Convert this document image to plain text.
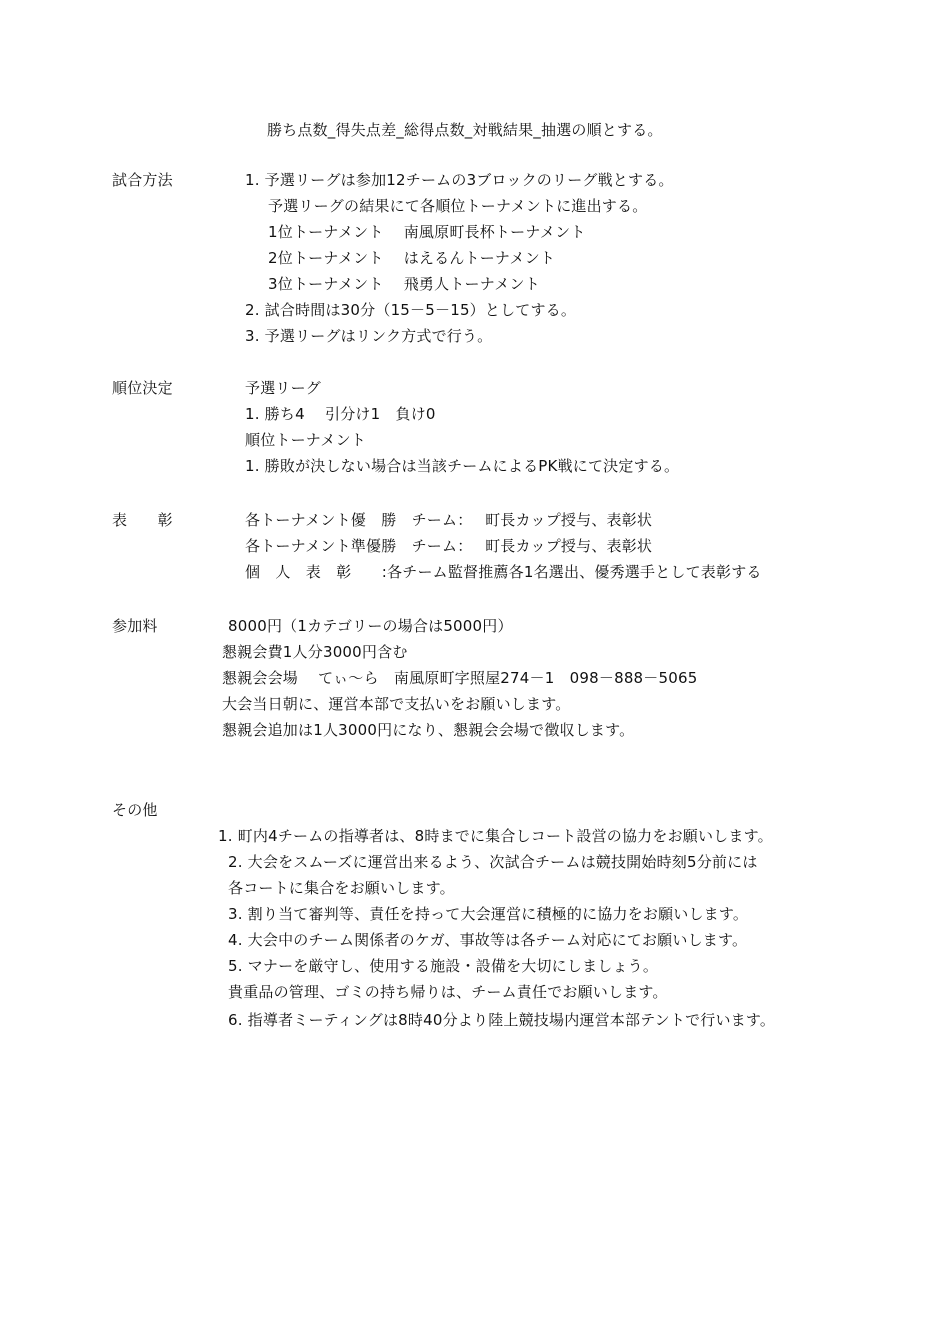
勝ち点数_得失点差_総得点数_対戦結果_抽選の順とする。
試合方法	1. 予選リーグは参加12チームの3ブロックのリーグ戦とする。
予選リーグの結果にて各順位トーナメントに進出する。
1位トーナメント　 南風原町長杯トーナメント
2位トーナメント　 はえるんトーナメント
3位トーナメント　 飛勇人トーナメント
2. 試合時間は30分（15－5－15）としてする。
3. 予選リーグはリンク方式で行う。
順位決定	予選リーグ
1. 勝ち4　 引分け1　負け0
順位トーナメント
1. 勝敗が決しない場合は当該チームによるPK戦にて決定する。
表　　彰	各トーナメント優　勝　チーム：　 町長カップ授与、表彰状
各トーナメント準優勝　チーム：　 町長カップ授与、表彰状
個　人　表　彰　　:各チーム監督推薦各1名選出、優秀選手として表彰する
参加料	8000円（1カテゴリーの場合は5000円）
懇親会費1人分3000円含む
懇親会会場　 てぃ～ら　南風原町字照屋274－1　098－888－5065
大会当日朝に、運営本部で支払いをお願いします。
懇親会追加は1人3000円になり、懇親会会場で徴収します。
その他
1. 町内4チームの指導者は、8時までに集合しコート設営の協力をお願いします。
2. 大会をスムーズに運営出来るよう、次試合チームは競技開始時刻5分前には
各コートに集合をお願いします。
3. 割り当て審判等、責任を持って大会運営に積極的に協力をお願いします。
4. 大会中のチーム関係者のケガ、事故等は各チーム対応にてお願いします。
5. マナーを厳守し、使用する施設・設備を大切にしましょう。
貴重品の管理、ゴミの持ち帰りは、チーム責任でお願いします。
6. 指導者ミーティングは8時40分より陸上競技場内運営本部テントで行います。
